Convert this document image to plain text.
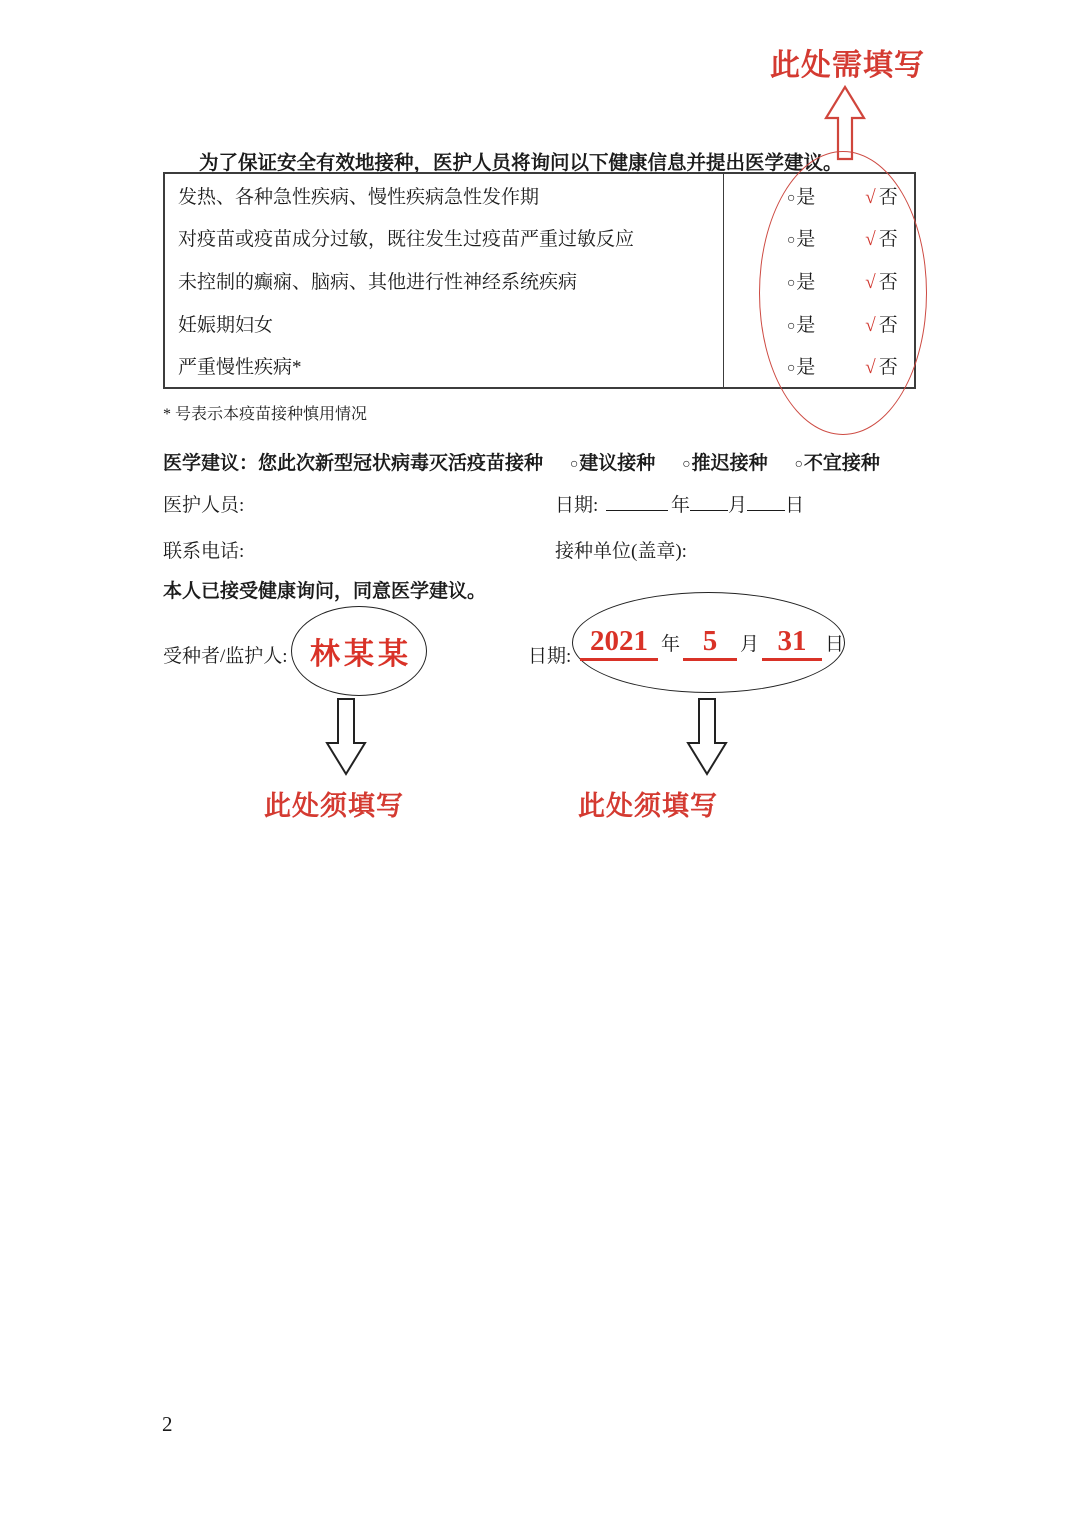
此处需填写
为了保证安全有效地接种，医护人员将询问以下健康信息并提出医学建议。
发热、各种急性疾病、慢性疾病急性发作期	○是	√ 否
对疫苗或疫苗成分过敏，既往发生过疫苗严重过敏反应	○是	√ 否
未控制的癫痫、脑病、其他进行性神经系统疾病	○是	√ 否
妊娠期妇女	○是	√ 否
严重慢性疾病*	○是	√ 否
* 号表示本疫苗接种慎用情况
医学建议：您此次新型冠状病毒灭活疫苗接种 ○建议接种 ○推迟接种 ○不宜接种
医护人员:	日期:	年 月 日
联系电话:	接种单位(盖章):
本人已接受健康询问，同意医学建议。
受种者/监护人: 林某某	日期: 2021 年 5	月 31 日
此处须填写	此处须填写
2
